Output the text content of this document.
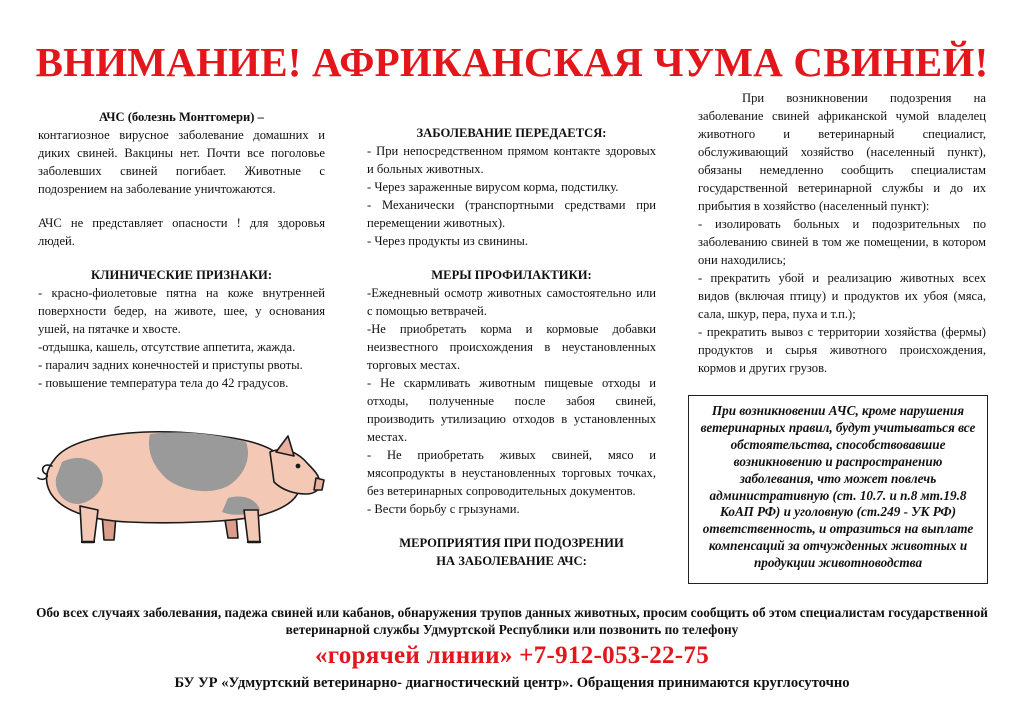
ВНИМАНИЕ! АФРИКАНСКАЯ ЧУМА СВИНЕЙ!

АЧС (болезнь Монтгомери) –

контагиозное вирусное заболевание домашних и диких свиней. Вакцины нет. Почти все поголовье заболевших свиней погибает. Животные с подозрением на заболевание уничтожаются.

АЧС не представляет опасности ! для здоровья людей.

КЛИНИЧЕСКИЕ ПРИЗНАКИ:

- красно-фиолетовые пятна на коже внутренней поверхности бедер, на животе, шее, у основания ушей, на пятачке и хвосте.

-отдышка, кашель, отсутствие аппетита, жажда.

- паралич задних конечностей и приступы рвоты.

- повышение температура тела до 42 градусов.

ЗАБОЛЕВАНИЕ ПЕРЕДАЕТСЯ:

- При непосредственном прямом контакте здоровых и больных животных.

- Через зараженные вирусом корма, подстилку.

- Механически (транспортными средствами при перемещении животных).

- Через продукты из свинины.

МЕРЫ ПРОФИЛАКТИКИ:

-Ежедневный осмотр животных самостоятельно или с помощью ветврачей.

-Не приобретать корма и кормовые добавки неизвестного происхождения в неустановленных торговых местах.

- Не скармливать животным пищевые отходы и отходы, полученные после забоя свиней, производить утилизацию отходов в установленных местах.

- Не приобретать живых свиней, мясо и мясопродукты в неустановленных торговых точках, без ветеринарных сопроводительных документов.

- Вести борьбу с грызунами.

МЕРОПРИЯТИЯ ПРИ ПОДОЗРЕНИИ НА ЗАБОЛЕВАНИЕ АЧС:

При возникновении подозрения на заболевание свиней африканской чумой владелец животного и ветеринарный специалист, обслуживающий хозяйство (населенный пункт), обязаны немедленно сообщить специалистам государственной ветеринарной службы и до их прибытия в хозяйство (населенный пункт):

- изолировать больных и подозрительных по заболеванию свиней в том же помещении, в котором они находились;

- прекратить убой и реализацию животных всех видов (включая птицу) и продуктов их убоя (мяса, сала, шкур, пера, пуха и т.п.);

- прекратить вывоз с территории хозяйства (фермы) продуктов и сырья животного происхождения, кормов и других грузов.

При возникновении АЧС, кроме нарушения ветеринарных правил, будут учитываться все обстоятельства, способствовавшие возникновению и распространению заболевания, что может повлечь административную (ст. 10.7. и п.8 мт.19.8 КоАП РФ) и уголовную (ст.249 - УК РФ) ответственность, и отразиться на выплате компенсаций за отчужденных животных и продукции животноводства
Обо всех случаях заболевания, падежа свиней или кабанов, обнаружения трупов данных животных, просим сообщить об этом специалистам государственной ветеринарной службы Удмуртской Республики или позвонить по телефону
«горячей линии» +7-912-053-22-75
БУ УР «Удмуртский ветеринарно- диагностический центр». Обращения принимаются круглосуточно
